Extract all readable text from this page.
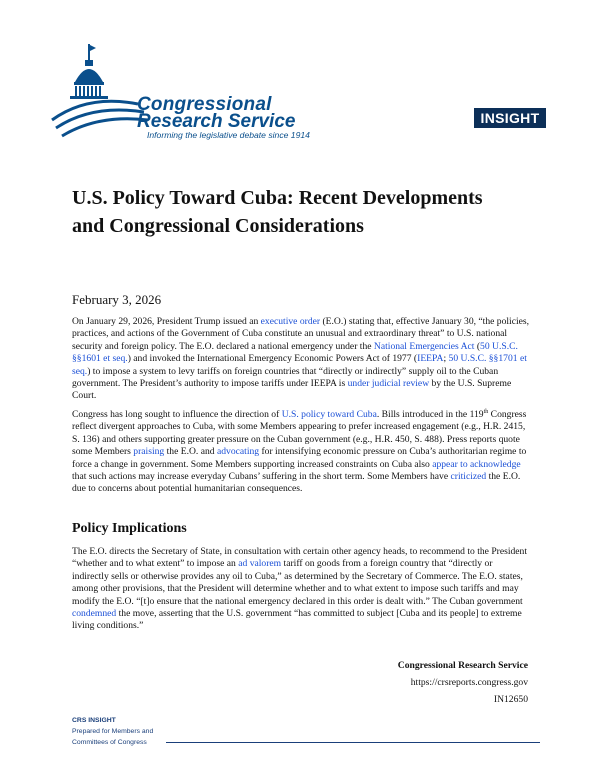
Congressional
Research Service
Informing the legislative debate since 1914
INSIGHT
U.S. Policy Toward Cuba: Recent Developments and Congressional Considerations
February 3, 2026

On January 29, 2026, President Trump issued an executive order (E.O.) stating that, effective January 30, “the policies, practices, and actions of the Government of Cuba constitute an unusual and extraordinary threat” to U.S. national security and foreign policy. The E.O. declared a national emergency under the National Emergencies Act (50 U.S.C. §§1601 et seq.) and invoked the International Emergency Economic Powers Act of 1977 (IEEPA; 50 U.S.C. §§1701 et seq.) to impose a system to levy tariffs on foreign countries that “directly or indirectly” supply oil to the Cuban government. The President’s authority to impose tariffs under IEEPA is under judicial review by the U.S. Supreme Court.

Congress has long sought to influence the direction of U.S. policy toward Cuba. Bills introduced in the 119th Congress reflect divergent approaches to Cuba, with some Members appearing to prefer increased engagement (e.g., H.R. 2415, S. 136) and others supporting greater pressure on the Cuban government (e.g., H.R. 450, S. 488). Press reports quote some Members praising the E.O. and advocating for intensifying economic pressure on Cuba’s authoritarian regime to force a change in government. Some Members supporting increased constraints on Cuba also appear to acknowledge that such actions may increase everyday Cubans’ suffering in the short term. Some Members have criticized the E.O. due to concerns about potential humanitarian consequences.

Policy Implications

The E.O. directs the Secretary of State, in consultation with certain other agency heads, to recommend to the President “whether and to what extent” to impose an ad valorem tariff on goods from a foreign country that “directly or indirectly sells or otherwise provides any oil to Cuba,” as determined by the Secretary of Commerce. The E.O. states, among other provisions, that the President will determine whether and to what extent to impose such tariffs and may modify the E.O. “[t]o ensure that the national emergency declared in this order is dealt with.” The Cuban government condemned the move, asserting that the U.S. government “has committed to subject [Cuba and its people] to extreme living conditions.”

Congressional Research Service
https://crsreports.congress.gov
IN12650
CRS INSIGHT
Prepared for Members and
Committees of Congress
